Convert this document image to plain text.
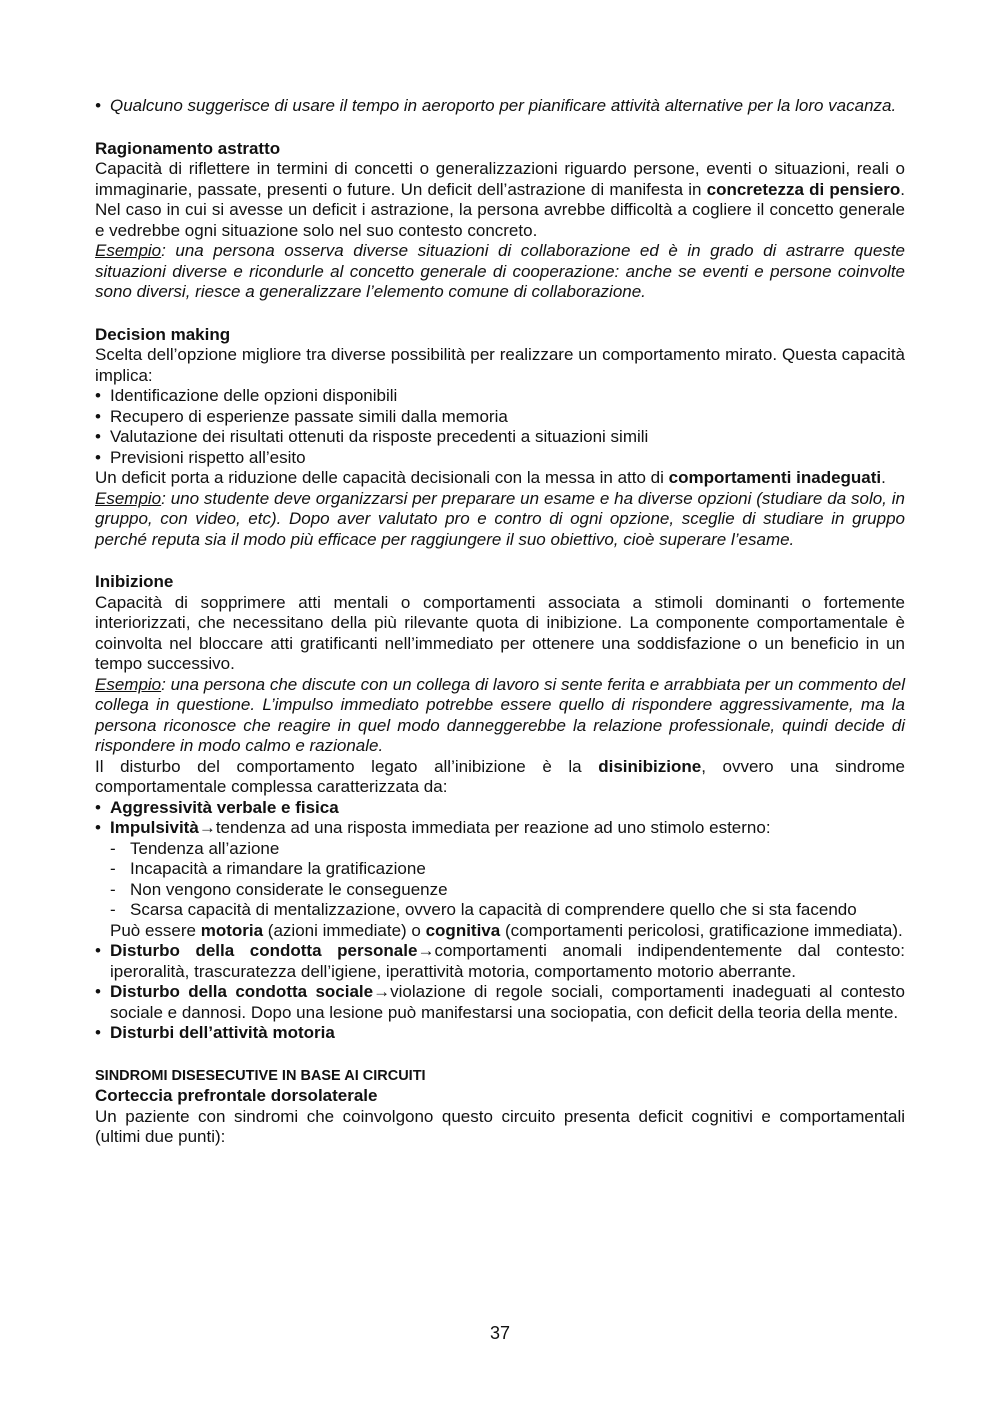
• Qualcuno suggerisce di usare il tempo in aeroporto per pianificare attività alternative per la loro vacanza.

Ragionamento astratto

Capacità di riflettere in termini di concetti o generalizzazioni riguardo persone, eventi o situazioni, reali o immaginarie, passate, presenti o future. Un deficit dell’astrazione di manifesta in concretezza di pensiero. Nel caso in cui si avesse un deficit i astrazione, la persona avrebbe difficoltà a cogliere il concetto generale e vedrebbe ogni situazione solo nel suo contesto concreto.

Esempio: una persona osserva diverse situazioni di collaborazione ed è in grado di astrarre queste situazioni diverse e ricondurle al concetto generale di cooperazione: anche se eventi e persone coinvolte sono diversi, riesce a generalizzare l’elemento comune di collaborazione.

Decision making

Scelta dell’opzione migliore tra diverse possibilità per realizzare un comportamento mirato. Questa capacità implica:

• Identificazione delle opzioni disponibili

• Recupero di esperienze passate simili dalla memoria

• Valutazione dei risultati ottenuti da risposte precedenti a situazioni simili

• Previsioni rispetto all’esito

Un deficit porta a riduzione delle capacità decisionali con la messa in atto di comportamenti inadeguati.

Esempio: uno studente deve organizzarsi per preparare un esame e ha diverse opzioni (studiare da solo, in gruppo, con video, etc). Dopo aver valutato pro e contro di ogni opzione, sceglie di studiare in gruppo perché reputa sia il modo più efficace per raggiungere il suo obiettivo, cioè superare l’esame.

Inibizione

Capacità di sopprimere atti mentali o comportamenti associata a stimoli dominanti o fortemente interiorizzati, che necessitano della più rilevante quota di inibizione. La componente comportamentale è coinvolta nel bloccare atti gratificanti nell’immediato per ottenere una soddisfazione o un beneficio in un tempo successivo.

Esempio: una persona che discute con un collega di lavoro si sente ferita e arrabbiata per un commento del collega in questione. L’impulso immediato potrebbe essere quello di rispondere aggressivamente, ma la persona riconosce che reagire in quel modo danneggerebbe la relazione professionale, quindi decide di rispondere in modo calmo e razionale.

Il disturbo del comportamento legato all’inibizione è la disinibizione, ovvero una sindrome comportamentale complessa caratterizzata da:

• Aggressività verbale e fisica

• Impulsività→tendenza ad una risposta immediata per reazione ad uno stimolo esterno:

- Tendenza all’azione

- Incapacità a rimandare la gratificazione

- Non vengono considerate le conseguenze

- Scarsa capacità di mentalizzazione, ovvero la capacità di comprendere quello che si sta facendo

Può essere motoria (azioni immediate) o cognitiva (comportamenti pericolosi, gratificazione immediata).

• Disturbo della condotta personale→comportamenti anomali indipendentemente dal contesto: iperoralità, trascuratezza dell’igiene, iperattività motoria, comportamento motorio aberrante.

• Disturbo della condotta sociale→violazione di regole sociali, comportamenti inadeguati al contesto sociale e dannosi. Dopo una lesione può manifestarsi una sociopatia, con deficit della teoria della mente.

• Disturbi dell’attività motoria

SINDROMI DISESECUTIVE IN BASE AI CIRCUITI

Corteccia prefrontale dorsolaterale

Un paziente con sindromi che coinvolgono questo circuito presenta deficit cognitivi e comportamentali (ultimi due punti):

37
